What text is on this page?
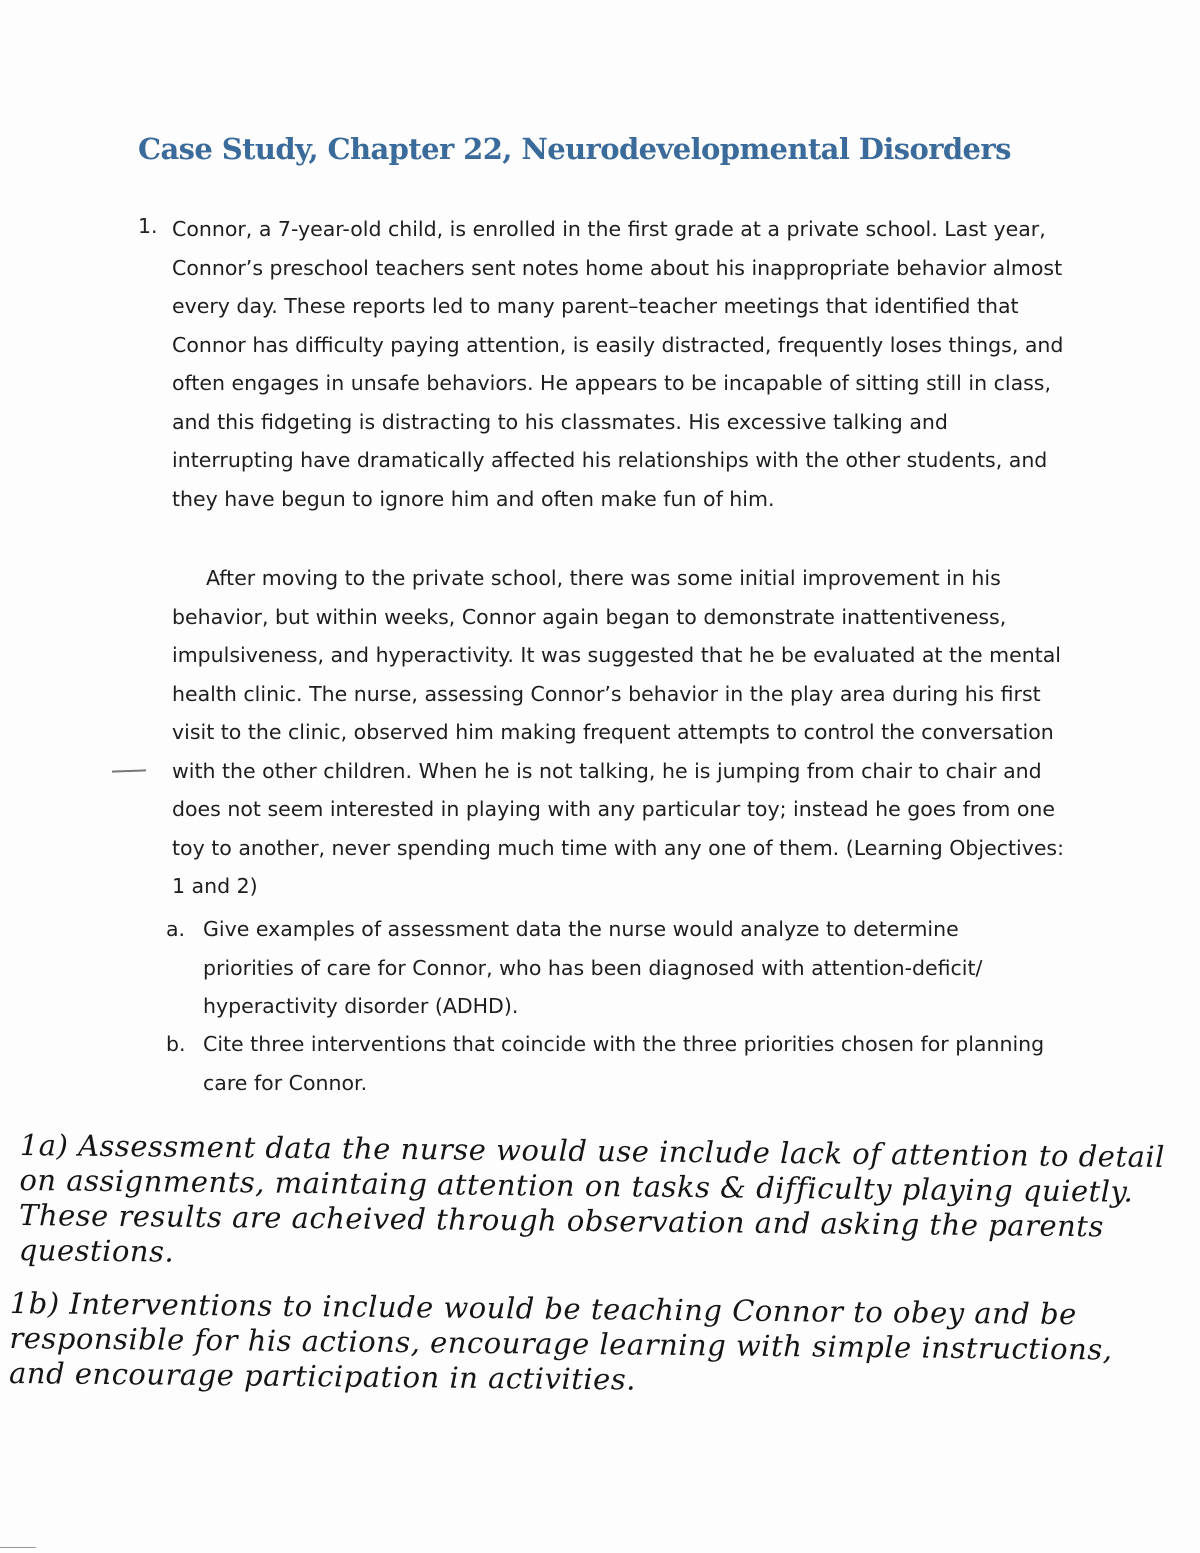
Case Study, Chapter 22, Neurodevelopmental Disorders
1. Connor, a 7-year-old child, is enrolled in the first grade at a private school. Last year, Connor’s preschool teachers sent notes home about his inappropriate behavior almost every day. These reports led to many parent–teacher meetings that identified that Connor has difficulty paying attention, is easily distracted, frequently loses things, and often engages in unsafe behaviors. He appears to be incapable of sitting still in class, and this fidgeting is distracting to his classmates. His excessive talking and interrupting have dramatically affected his relationships with the other students, and they have begun to ignore him and often make fun of him.

After moving to the private school, there was some initial improvement in his behavior, but within weeks, Connor again began to demonstrate inattentiveness, impulsiveness, and hyperactivity. It was suggested that he be evaluated at the mental health clinic. The nurse, assessing Connor’s behavior in the play area during his first visit to the clinic, observed him making frequent attempts to control the conversation with the other children. When he is not talking, he is jumping from chair to chair and does not seem interested in playing with any particular toy; instead he goes from one toy to another, never spending much time with any one of them. (Learning Objectives: 1 and 2)

a. Give examples of assessment data the nurse would analyze to determine priorities of care for Connor, who has been diagnosed with attention-deficit/ hyperactivity disorder (ADHD).
b. Cite three interventions that coincide with the three priorities chosen for planning care for Connor.

1a) Assessment data the nurse would use include lack of attention to detail on assignments, maintaing attention on tasks & difficulty playing quietly. These results are acheived through observation and asking the parents questions.

1b) Interventions to include would be teaching Connor to obey and be responsible for his actions, encourage learning with simple instructions, and encourage participation in activities.
